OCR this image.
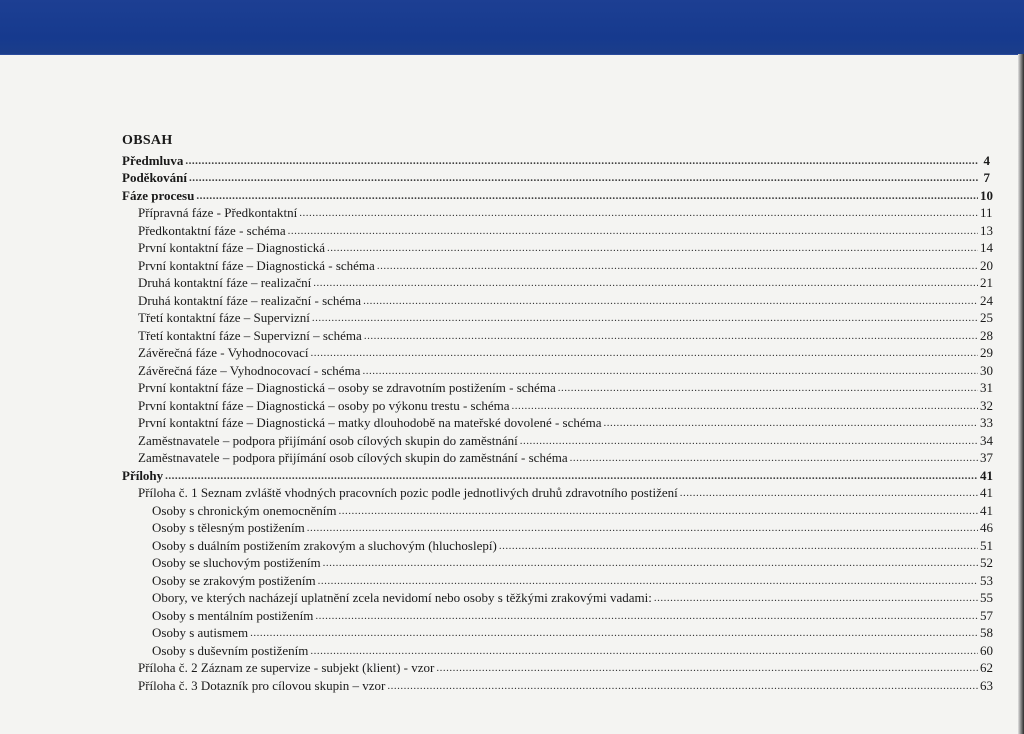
OBSAH
Předmluva .....	4
Poděkování .....	7
Fáze procesu .....	10
Přípravná fáze - Předkontaktní .....	11
Předkontaktní fáze - schéma .....	13
První kontaktní fáze – Diagnostická .....	14
První kontaktní fáze – Diagnostická - schéma .....	20
Druhá kontaktní fáze – realizační .....	21
Druhá kontaktní fáze – realizační - schéma .....	24
Třetí kontaktní fáze – Supervizní .....	25
Třetí kontaktní fáze – Supervizní – schéma .....	28
Závěrečná fáze - Vyhodnocovací .....	29
Závěrečná fáze – Vyhodnocovací - schéma .....	30
První kontaktní fáze – Diagnostická – osoby se zdravotním postižením - schéma .....	31
První kontaktní fáze – Diagnostická – osoby po výkonu trestu - schéma .....	32
První kontaktní fáze – Diagnostická – matky dlouhodobě na mateřské dovolené - schéma .....	33
Zaměstnavatele – podpora přijímání osob cílových skupin do zaměstnání .....	34
Zaměstnavatele – podpora přijímání osob cílových skupin do zaměstnání - schéma .....	37
Přílohy .....	41
Příloha č. 1 Seznam zvláště vhodných pracovních pozic podle jednotlivých druhů zdravotního postižení .....	41
Osoby s chronickým onemocněním .....	41
Osoby s tělesným postižením .....	46
Osoby s duálním postižením zrakovým a sluchovým (hluchoslepí) .....	51
Osoby se sluchovým postižením .....	52
Osoby se zrakovým postižením .....	53
Obory, ve kterých nacházejí uplatnění zcela nevidomí nebo osoby s těžkými zrakovými vadami: .....	55
Osoby s mentálním postižením .....	57
Osoby s autismem .....	58
Osoby s duševním postižením .....	60
Příloha č. 2 Záznam ze supervize - subjekt (klient) - vzor .....	62
Příloha č. 3 Dotazník pro cílovou skupin – vzor .....	63
